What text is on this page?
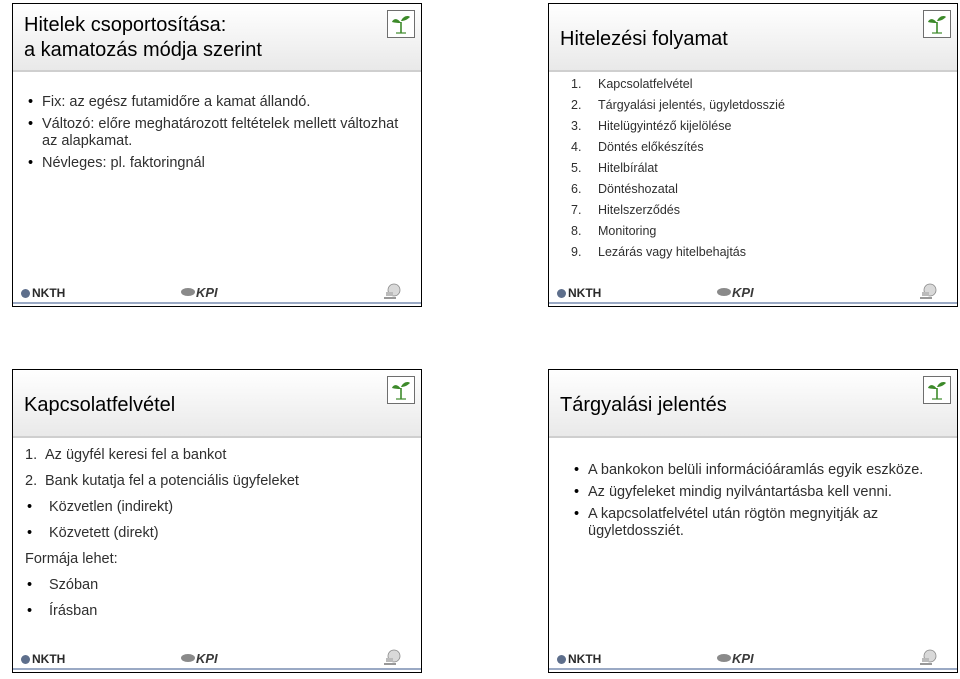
Hitelek csoportosítása:
a kamatozás módja szerint
• Fix: az egész futamidőre a kamat állandó.
• Változó: előre meghatározott feltételek mellett változhat az alapkamat.
• Névleges: pl. faktoringnál
NKTH	KPI
Hitelezési folyamat
1. Kapcsolatfelvétel
2. Tárgyalási jelentés, ügyletdosszié
3. Hitelügyintéző kijelölése
4. Döntés előkészítés
5. Hitelbírálat
6. Döntéshozatal
7. Hitelszerződés
8. Monitoring
9. Lezárás vagy hitelbehajtás
NKTH	KPI
Kapcsolatfelvétel
1. Az ügyfél keresi fel a bankot
2. Bank kutatja fel a potenciális ügyfeleket
• Közvetlen (indirekt)
• Közvetett (direkt)
Formája lehet:
• Szóban
• Írásban
NKTH	KPI
Tárgyalási jelentés
• A bankokon belüli információáramlás egyik eszköze.
• Az ügyfeleket mindig nyilvántartásba kell venni.
• A kapcsolatfelvétel után rögtön megnyitják az ügyletdossziét.
NKTH	KPI
